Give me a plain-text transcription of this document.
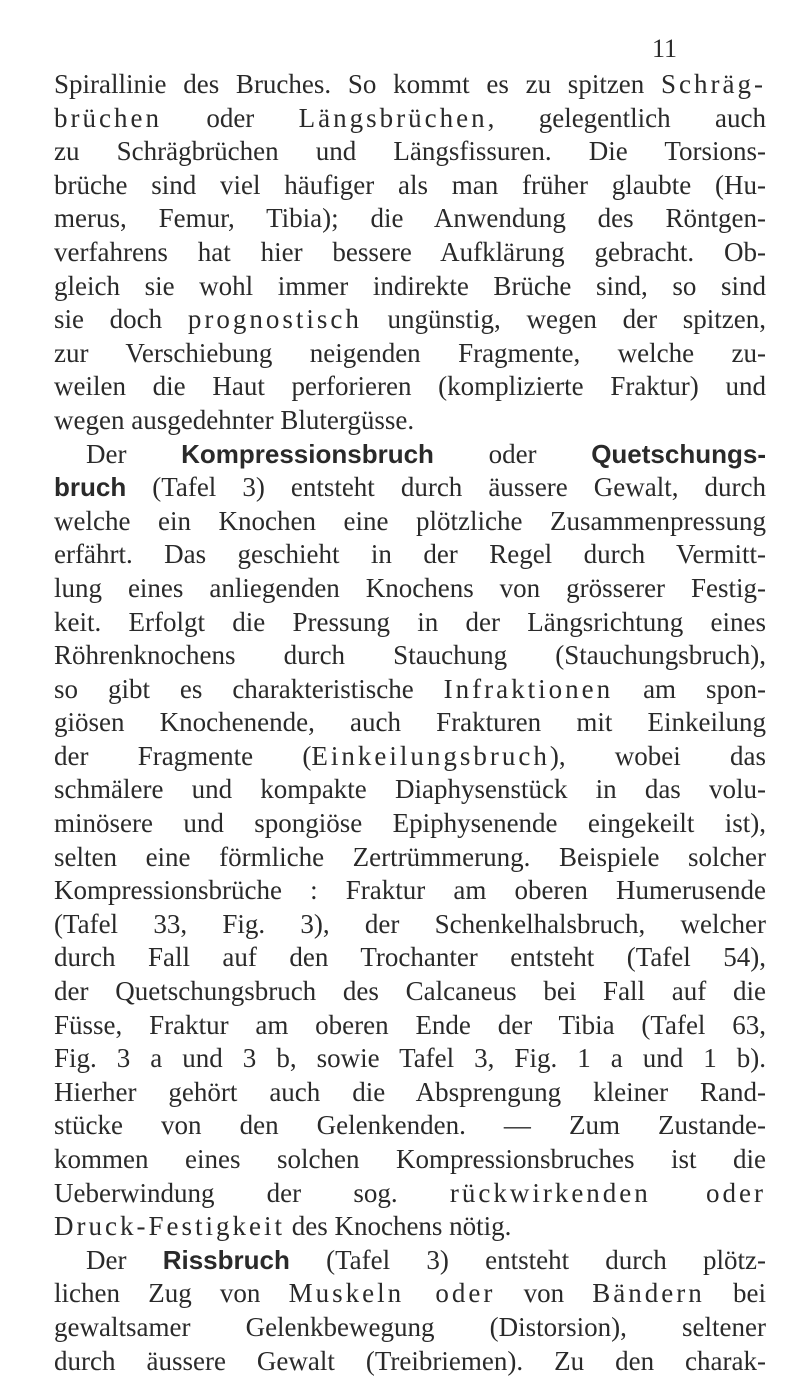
11
Spirallinie des Bruches. So kommt es zu spitzen Schräg-
brüchen oder Längsbrüchen, gelegentlich auch
zu Schrägbrüchen und Längsfissuren. Die Torsions-
brüche sind viel häufiger als man früher glaubte (Hu-
merus, Femur, Tibia); die Anwendung des Röntgen-
verfahrens hat hier bessere Aufklärung gebracht. Ob-
gleich sie wohl immer indirekte Brüche sind, so sind
sie doch prognostisch ungünstig, wegen der spitzen,
zur Verschiebung neigenden Fragmente, welche zu-
weilen die Haut perforieren (komplizierte Fraktur) und
wegen ausgedehnter Blutergüsse.
Der Kompressionsbruch oder Quetschungs-
bruch (Tafel 3) entsteht durch äussere Gewalt, durch
welche ein Knochen eine plötzliche Zusammenpressung
erfährt. Das geschieht in der Regel durch Vermitt-
lung eines anliegenden Knochens von grösserer Festig-
keit. Erfolgt die Pressung in der Längsrichtung eines
Röhrenknochens durch Stauchung (Stauchungsbruch),
so gibt es charakteristische Infraktionen am spon-
giösen Knochenende, auch Frakturen mit Einkeilung
der Fragmente (Einkeilungsbruch), wobei das
schmälere und kompakte Diaphysenstück in das volu-
minösere und spongiöse Epiphysenende eingekeilt ist),
selten eine förmliche Zertrümmerung. Beispiele solcher
Kompressionsbrüche : Fraktur am oberen Humerusende
(Tafel 33, Fig. 3), der Schenkelhalsbruch, welcher
durch Fall auf den Trochanter entsteht (Tafel 54),
der Quetschungsbruch des Calcaneus bei Fall auf die
Füsse, Fraktur am oberen Ende der Tibia (Tafel 63,
Fig. 3 a und 3 b, sowie Tafel 3, Fig. 1 a und 1 b).
Hierher gehört auch die Absprengung kleiner Rand-
stücke von den Gelenkenden. — Zum Zustande-
kommen eines solchen Kompressionsbruches ist die
Ueberwindung der sog. rückwirkenden oder
Druck-Festigkeit des Knochens nötig.
Der Rissbruch (Tafel 3) entsteht durch plötz-
lichen Zug von Muskeln oder von Bändern bei
gewaltsamer Gelenkbewegung (Distorsion), seltener
durch äussere Gewalt (Treibriemen). Zu den charak-
